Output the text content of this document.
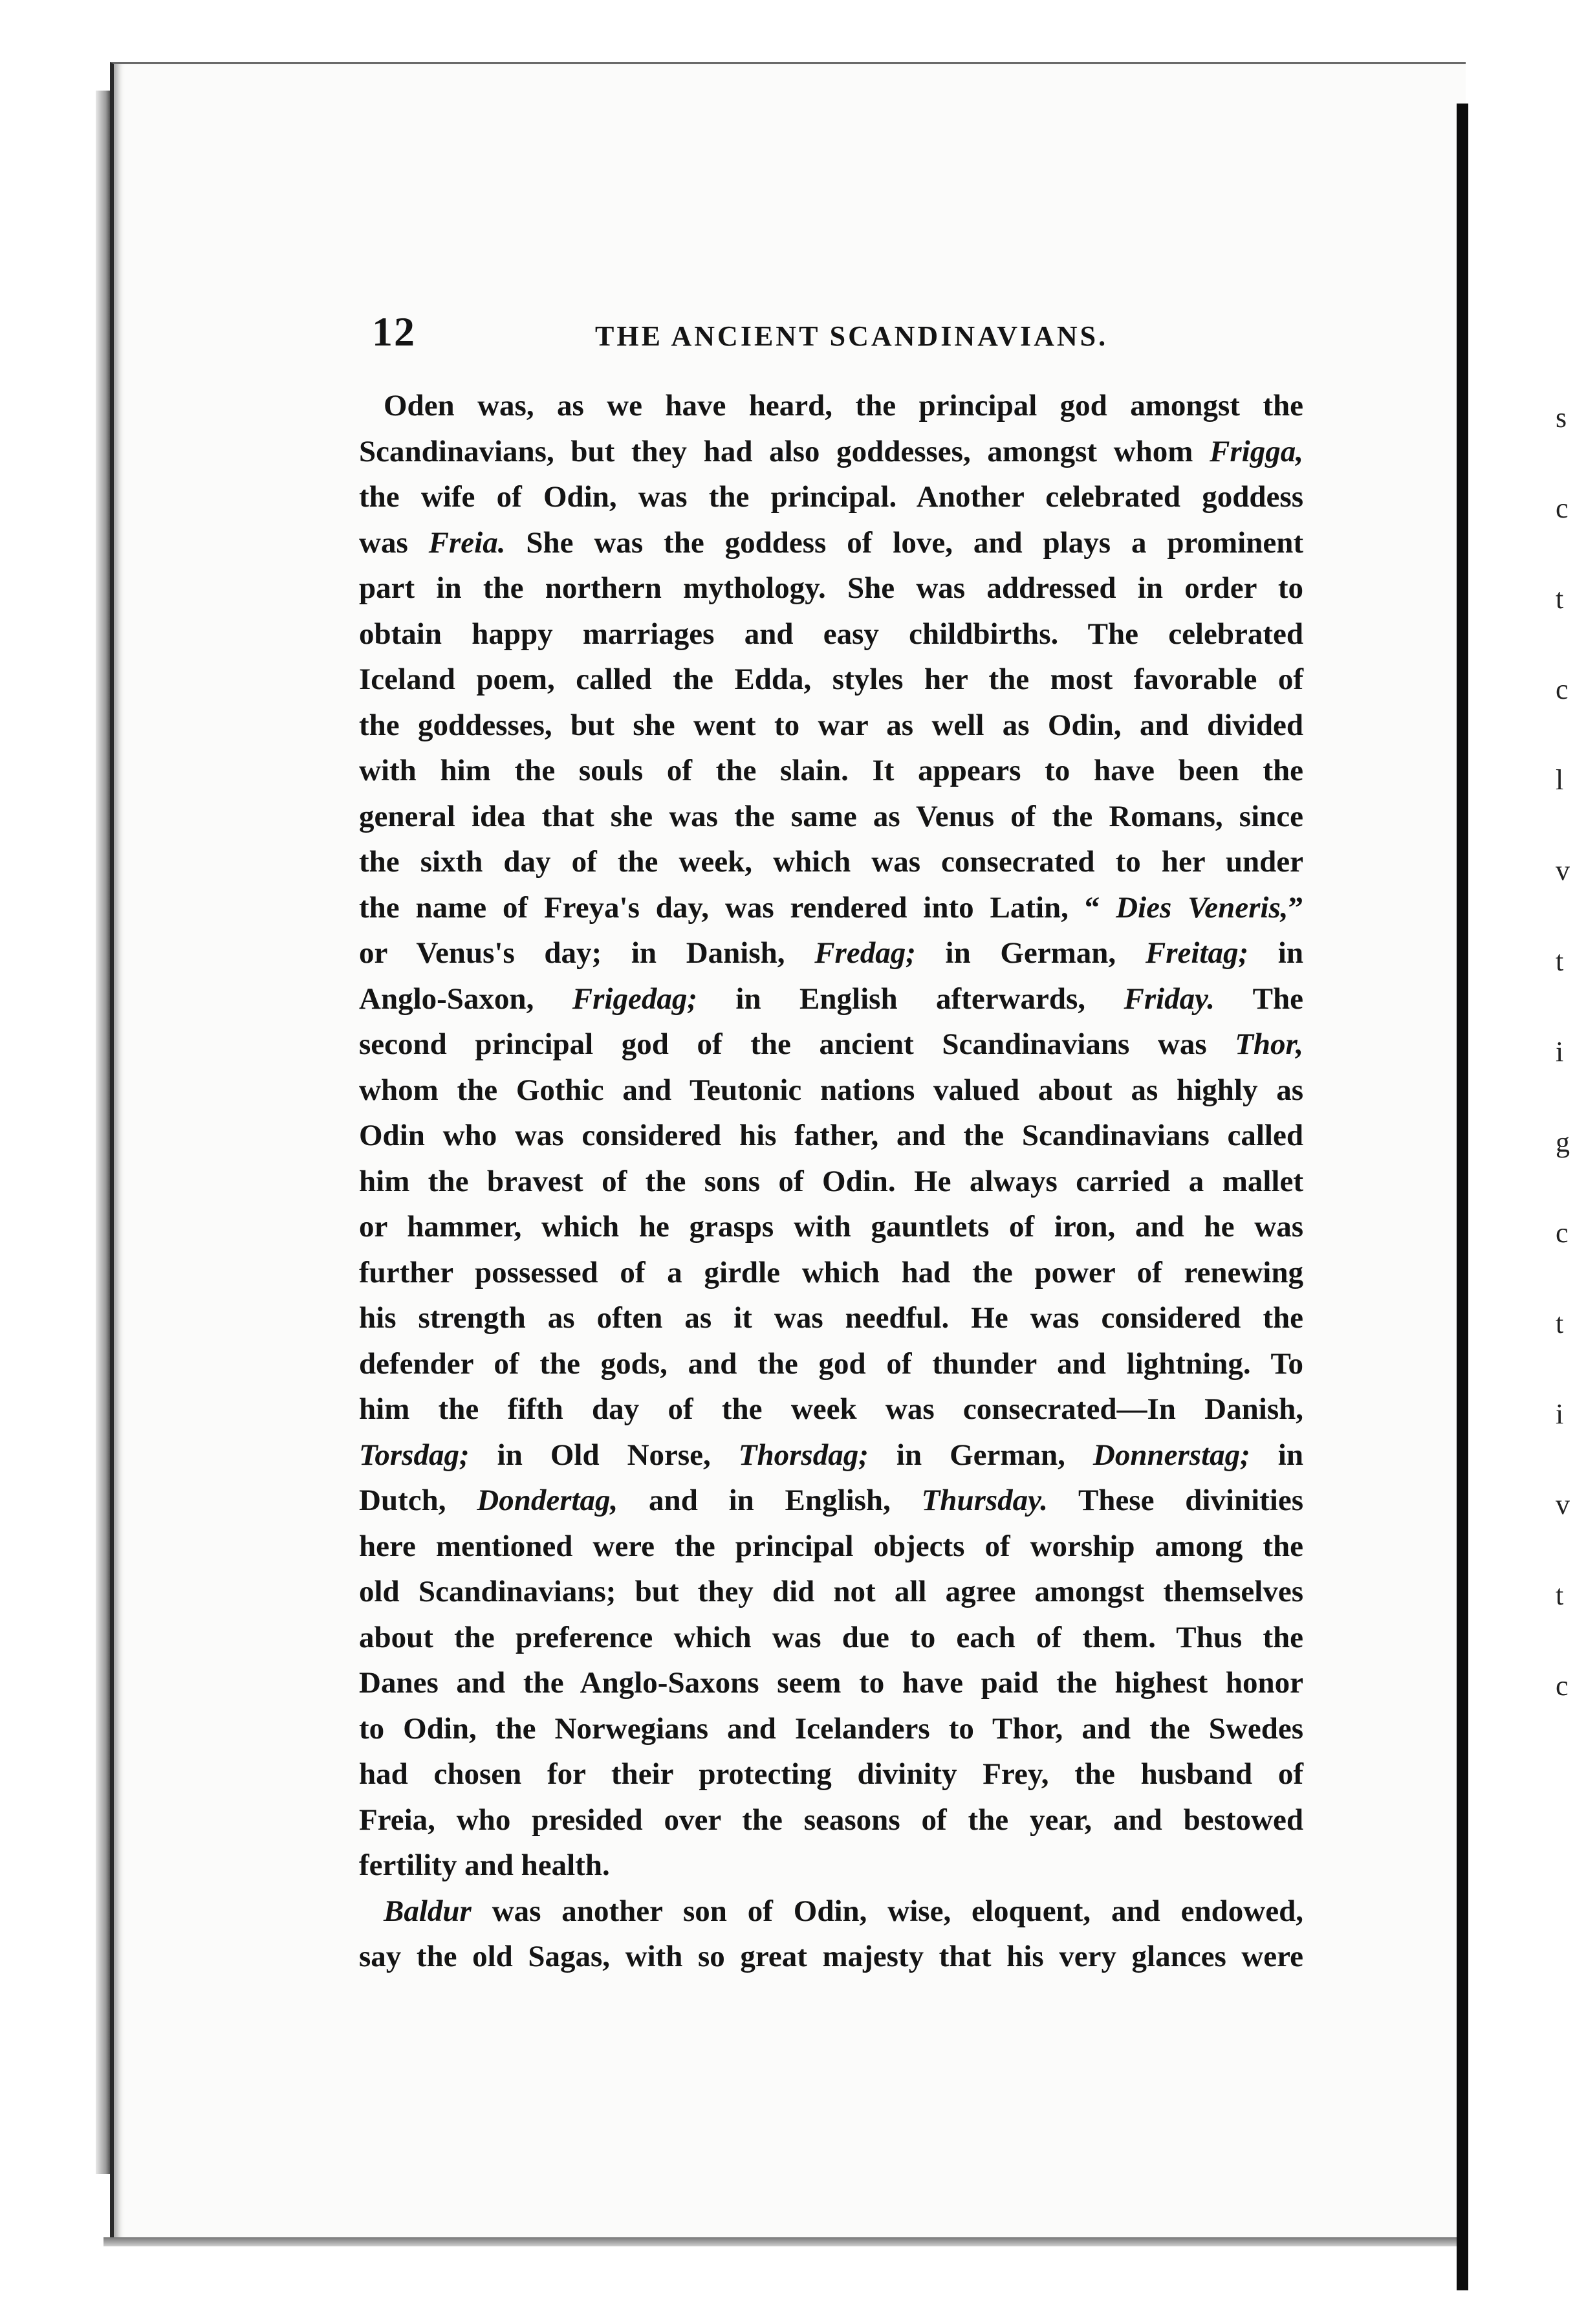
s
c
t
c
l
v
t
i
g
c
t
i
v
t
c
12	THE ANCIENT SCANDINAVIANS.
Oden was, as we have heard, the principal god amongst the
Scandinavians, but they had also goddesses, amongst whom Frigga,
the wife of Odin, was the principal. Another celebrated goddess
was Freia. She was the goddess of love, and plays a prominent
part in the northern mythology. She was addressed in order to
obtain happy marriages and easy childbirths. The celebrated
Iceland poem, called the Edda, styles her the most favorable of
the goddesses, but she went to war as well as Odin, and divided
with him the souls of the slain. It appears to have been the
general idea that she was the same as Venus of the Romans, since
the sixth day of the week, which was consecrated to her under
the name of Freya's day, was rendered into Latin, “ Dies Veneris,”
or Venus's day; in Danish, Fredag; in German, Freitag; in
Anglo-Saxon, Frigedag; in English afterwards, Friday. The
second principal god of the ancient Scandinavians was Thor,
whom the Gothic and Teutonic nations valued about as highly as
Odin who was considered his father, and the Scandinavians called
him the bravest of the sons of Odin. He always carried a mallet
or hammer, which he grasps with gauntlets of iron, and he was
further possessed of a girdle which had the power of renewing
his strength as often as it was needful. He was considered the
defender of the gods, and the god of thunder and lightning. To
him the fifth day of the week was consecrated—In Danish,
Torsdag; in Old Norse, Thorsdag; in German, Donnerstag; in
Dutch, Dondertag, and in English, Thursday. These divinities
here mentioned were the principal objects of worship among the
old Scandinavians; but they did not all agree amongst themselves
about the preference which was due to each of them. Thus the
Danes and the Anglo-Saxons seem to have paid the highest honor
to Odin, the Norwegians and Icelanders to Thor, and the Swedes
had chosen for their protecting divinity Frey, the husband of
Freia, who presided over the seasons of the year, and bestowed
fertility and health.
Baldur was another son of Odin, wise, eloquent, and endowed,
say the old Sagas, with so great majesty that his very glances were
